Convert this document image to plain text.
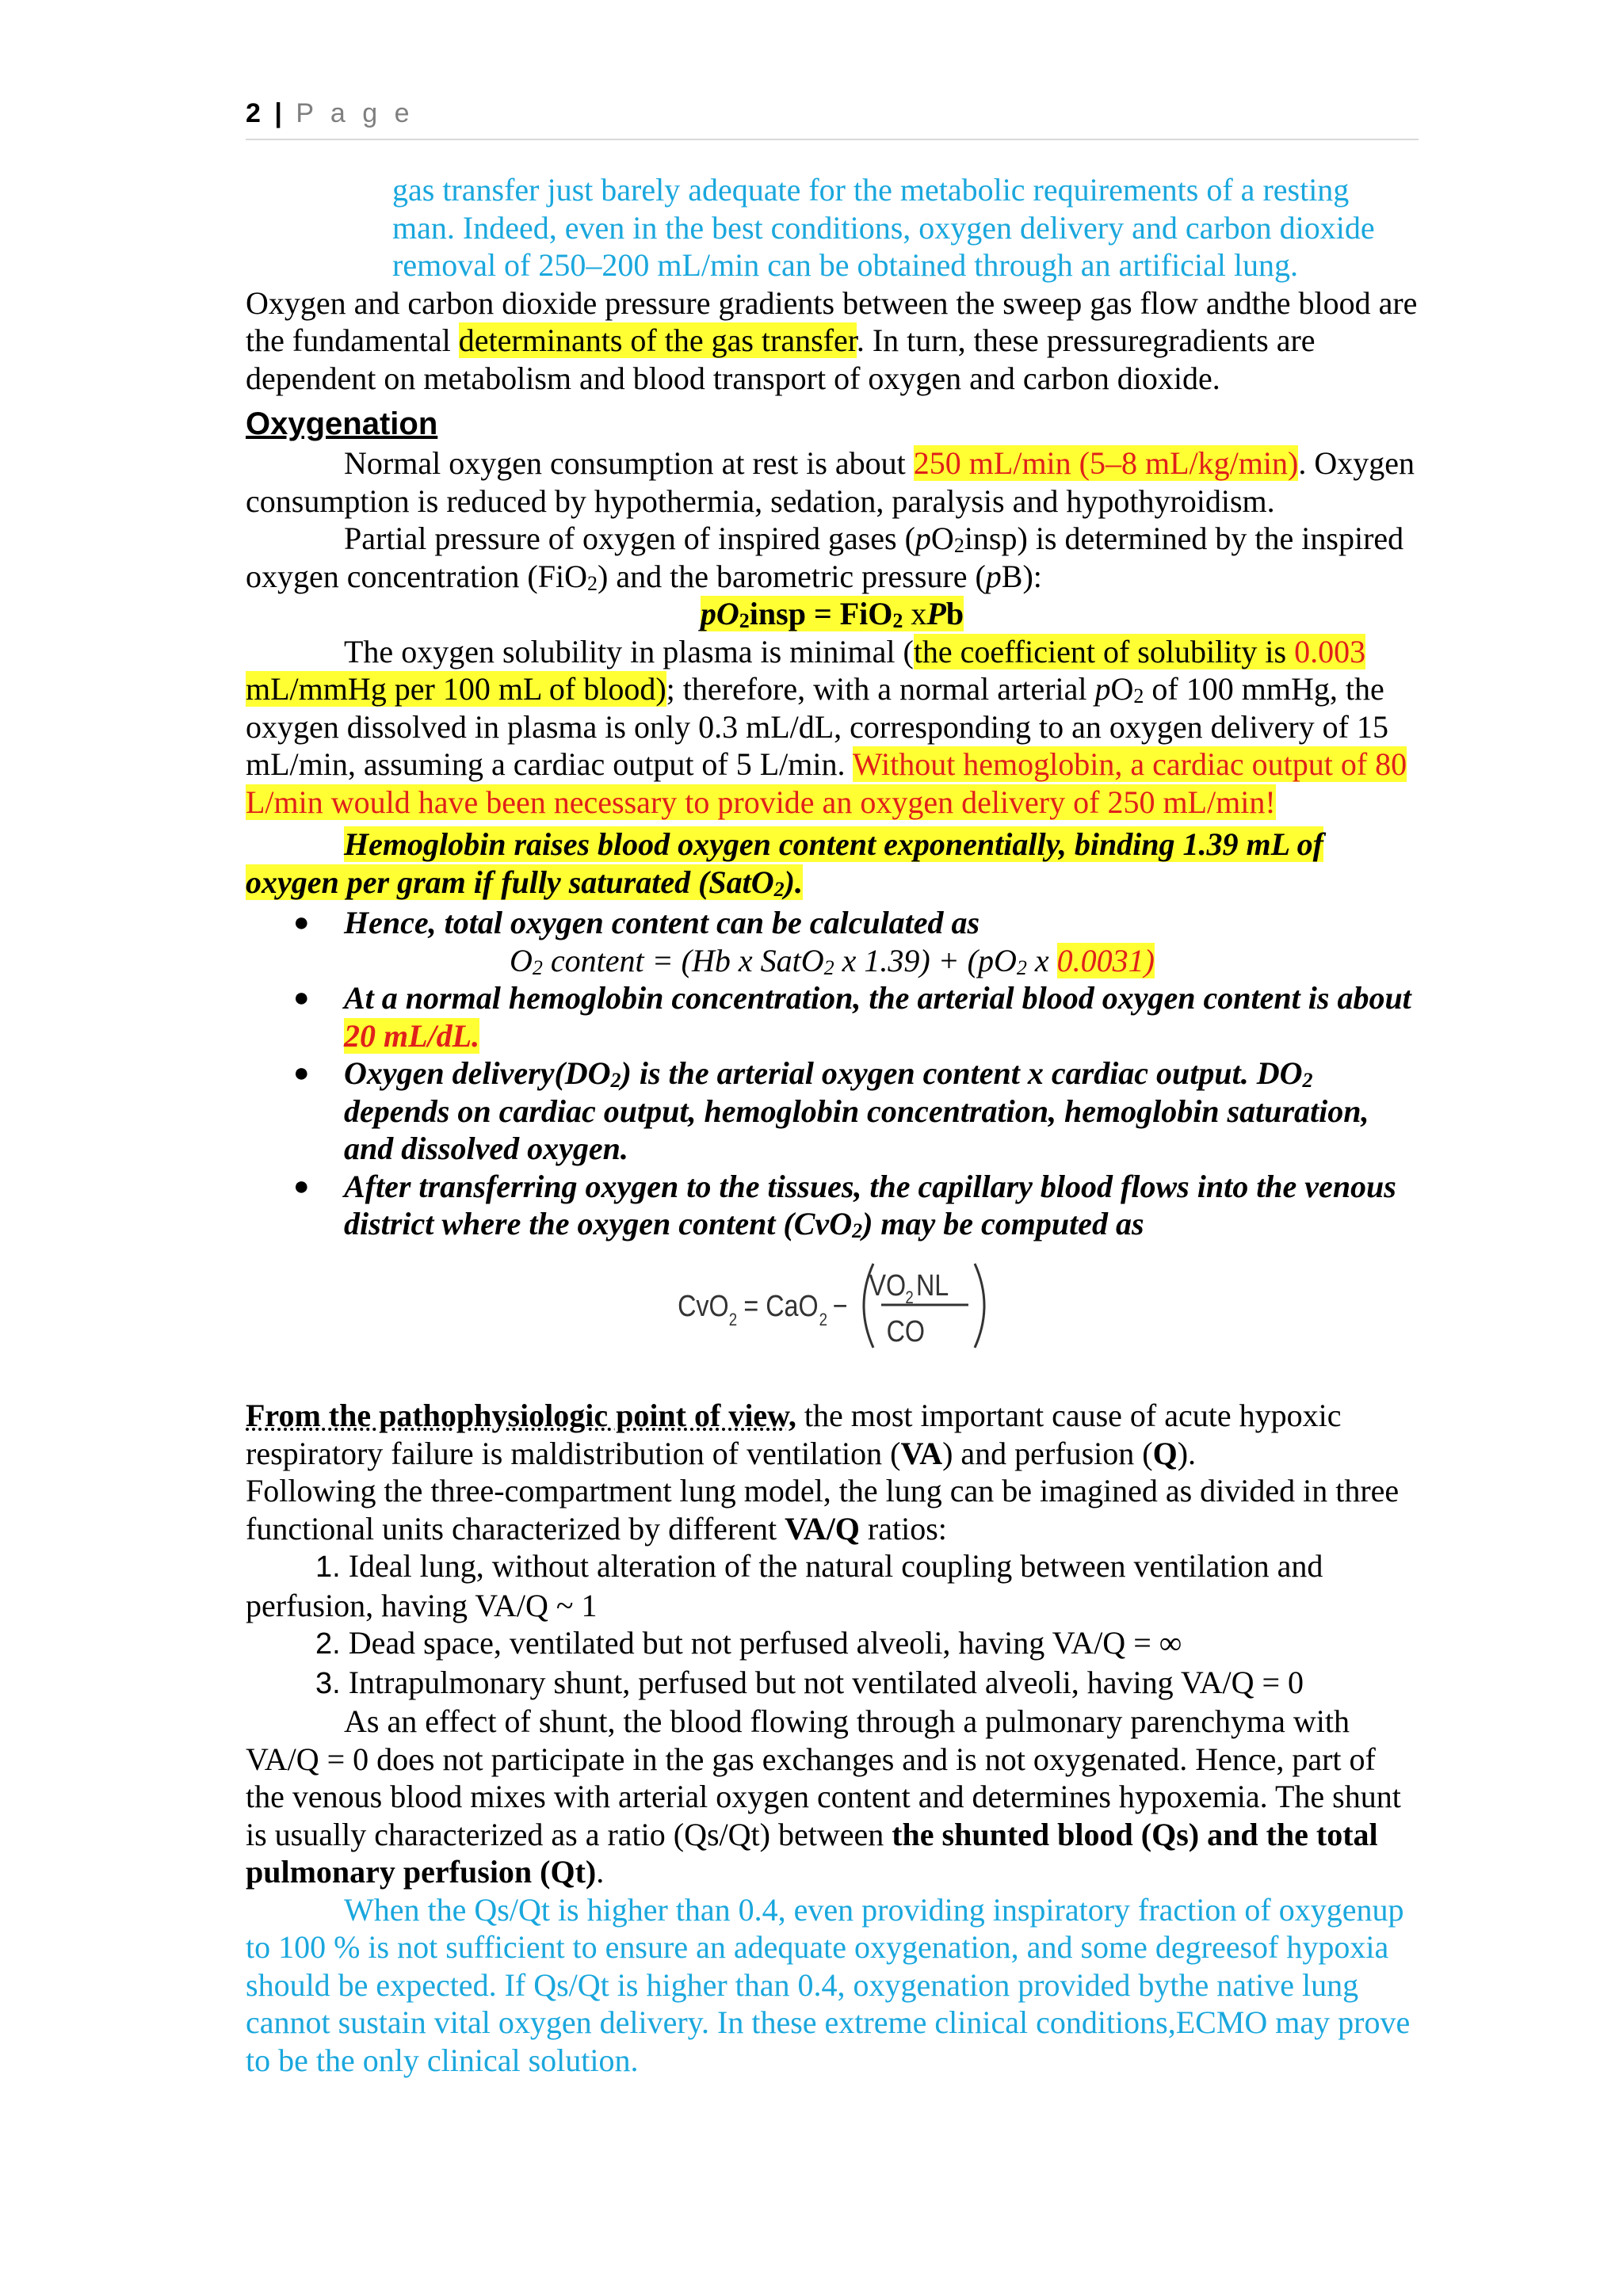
2 | P a g e

gas transfer just barely adequate for the metabolic requirements of a resting man. Indeed, even in the best conditions, oxygen delivery and carbon dioxide removal of 250–200 mL/min can be obtained through an artificial lung.

Oxygen and carbon dioxide pressure gradients between the sweep gas flow andthe blood are the fundamental determinants of the gas transfer. In turn, these pressuregradients are dependent on metabolism and blood transport of oxygen and carbon dioxide.

Oxygenation

Normal oxygen consumption at rest is about 250 mL/min (5–8 mL/kg/min). Oxygen consumption is reduced by hypothermia, sedation, paralysis and hypothyroidism.

Partial pressure of oxygen of inspired gases $(pO_2insp)$ is determined by the inspired oxygen concentration (FiO$_2$) and the barometric pressure (pB):

$pO_2insp = FiO_2$ xPb

The oxygen solubility in plasma is minimal (the coefficient of solubility is 0.003 mL/mmHg per 100 mL of blood); therefore, with a normal arterial $pO_2$ of 100 mmHg, the oxygen dissolved in plasma is only 0.3 mL/dL, corresponding to an oxygen delivery of 15 mL/min, assuming a cardiac output of 5 L/min. Without hemoglobin, a cardiac output of 80 L/min would have been necessary to provide an oxygen delivery of 250 mL/min!

Hemoglobin raises blood oxygen content exponentially, binding 1.39 mL of oxygen per gram if fully saturated (SatO$_2$).

● Hence, total oxygen content can be calculated as

$O_2$ content = (Hb x SatO$_2$ x $1.39) + (pO_2$ x 0.0031)

● At a normal hemoglobin concentration, the arterial blood oxygen content is about 20 mL/dL.
● Oxygen $delivery(DO_2)$ is the arterial oxygen content x cardiac output. $DO_2$ depends on cardiac output, hemoglobin concentration, hemoglobin saturation, and dissolved oxygen.
● After transferring oxygen to the tissues, the capillary blood flows into the venous district where the oxygen content (CvO$_2$) may be computed as
CvO 2 = CaO 2 −
VO 2 NL
CO

From the pathophysiologic point of view, the most important cause of acute hypoxic respiratory failure is maldistribution of ventilation (VA) and perfusion (Q).

Following the three-compartment lung model, the lung can be imagined as divided in three functional units characterized by different VA/Q ratios:

1. Ideal lung, without alteration of the natural coupling between ventilation and perfusion, having VA/Q ~ 1

2. Dead space, ventilated but not perfused alveoli, having VA/Q = ∞

3. Intrapulmonary shunt, perfused but not ventilated alveoli, having VA/Q = 0

As an effect of shunt, the blood flowing through a pulmonary parenchyma with VA/Q = 0 does not participate in the gas exchanges and is not oxygenated. Hence, part of the venous blood mixes with arterial oxygen content and determines hypoxemia. The shunt is usually characterized as a ratio (Qs/Qt) between the shunted blood (Qs) and the total pulmonary perfusion (Qt).

When the Qs/Qt is higher than 0.4, even providing inspiratory fraction of oxygenup to 100 % is not sufficient to ensure an adequate oxygenation, and some degreesof hypoxia should be expected. If Qs/Qt is higher than 0.4, oxygenation provided bythe native lung cannot sustain vital oxygen delivery. In these extreme clinical conditions,ECMO may prove to be the only clinical solution.
